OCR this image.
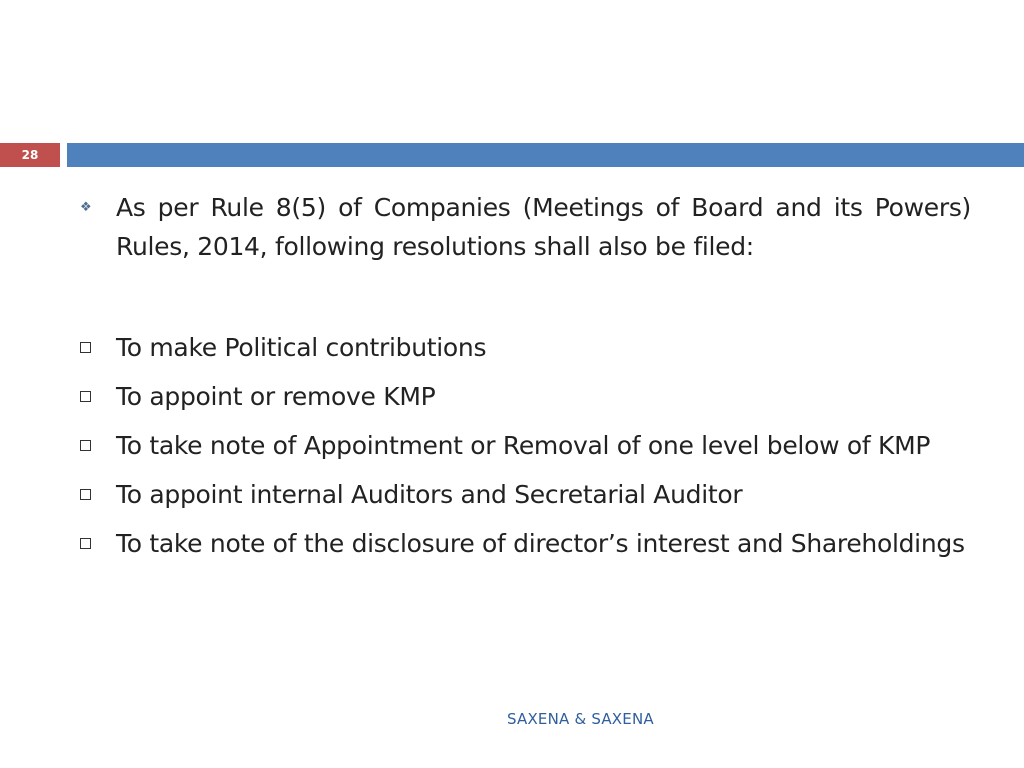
28
❖ As per Rule 8(5) of Companies (Meetings of Board and its Powers) Rules, 2014, following resolutions shall also be filed:
To make Political contributions
To appoint or remove KMP
To take note of Appointment or Removal of one level below of KMP
To appoint internal Auditors and Secretarial Auditor
To take note of the disclosure of director’s interest and Shareholdings
SAXENA & SAXENA
